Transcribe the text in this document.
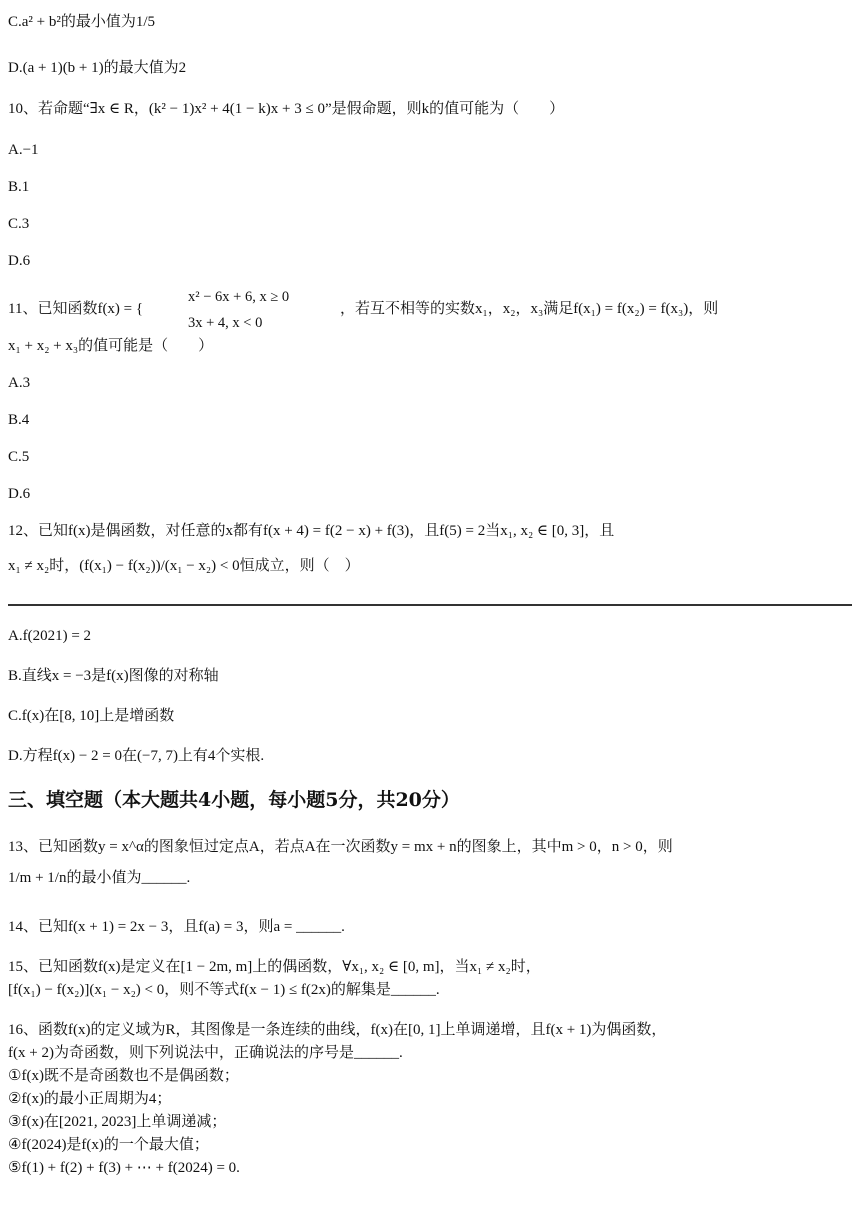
C.a² + b²的最小值为1/5
D.(a + 1)(b + 1)的最大值为2
10、若命题“∃x ∈ R，(k² − 1)x² + 4(1 − k)x + 3 ≤ 0”是假命题，则k的值可能为（　　）
A.−1
B.1
C.3
D.6
11、已知函数f(x) = {
x² − 6x + 6, x ≥ 0
3x + 4, x < 0
，若互不相等的实数x₁，x₂，x₃满足f(x₁) = f(x₂) = f(x₃)，则
x₁ + x₂ + x₃的值可能是（　　）
A.3
B.4
C.5
D.6
12、已知f(x)是偶函数，对任意的x都有f(x + 4) = f(2 − x) + f(3)，且f(5) = 2当x₁, x₂ ∈ [0, 3]，且
x₁ ≠ x₂时，(f(x₁) − f(x₂))/(x₁ − x₂) < 0恒成立，则（　）
A.f(2021) = 2
B.直线x = −3是f(x)图像的对称轴
C.f(x)在[8, 10]上是增函数
D.方程f(x) − 2 = 0在(−7, 7)上有4个实根.
三、填空题（本大题共4小题，每小题5分，共20分）
13、已知函数y = x^α的图象恒过定点A，若点A在一次函数y = mx + n的图象上，其中m > 0，n > 0，则
1/m + 1/n的最小值为______.
14、已知f(x + 1) = 2x − 3，且f(a) = 3，则a = ______.
15、已知函数f(x)是定义在[1 − 2m, m]上的偶函数，∀x₁, x₂ ∈ [0, m]，当x₁ ≠ x₂时，
[f(x₁) − f(x₂)](x₁ − x₂) < 0，则不等式f(x − 1) ≤ f(2x)的解集是______.
16、函数f(x)的定义域为R，其图像是一条连续的曲线，f(x)在[0, 1]上单调递增，且f(x + 1)为偶函数，
f(x + 2)为奇函数，则下列说法中，正确说法的序号是______.
①f(x)既不是奇函数也不是偶函数；
②f(x)的最小正周期为4；
③f(x)在[2021, 2023]上单调递减；
④f(2024)是f(x)的一个最大值；
⑤f(1) + f(2) + f(3) + ⋯ + f(2024) = 0.
